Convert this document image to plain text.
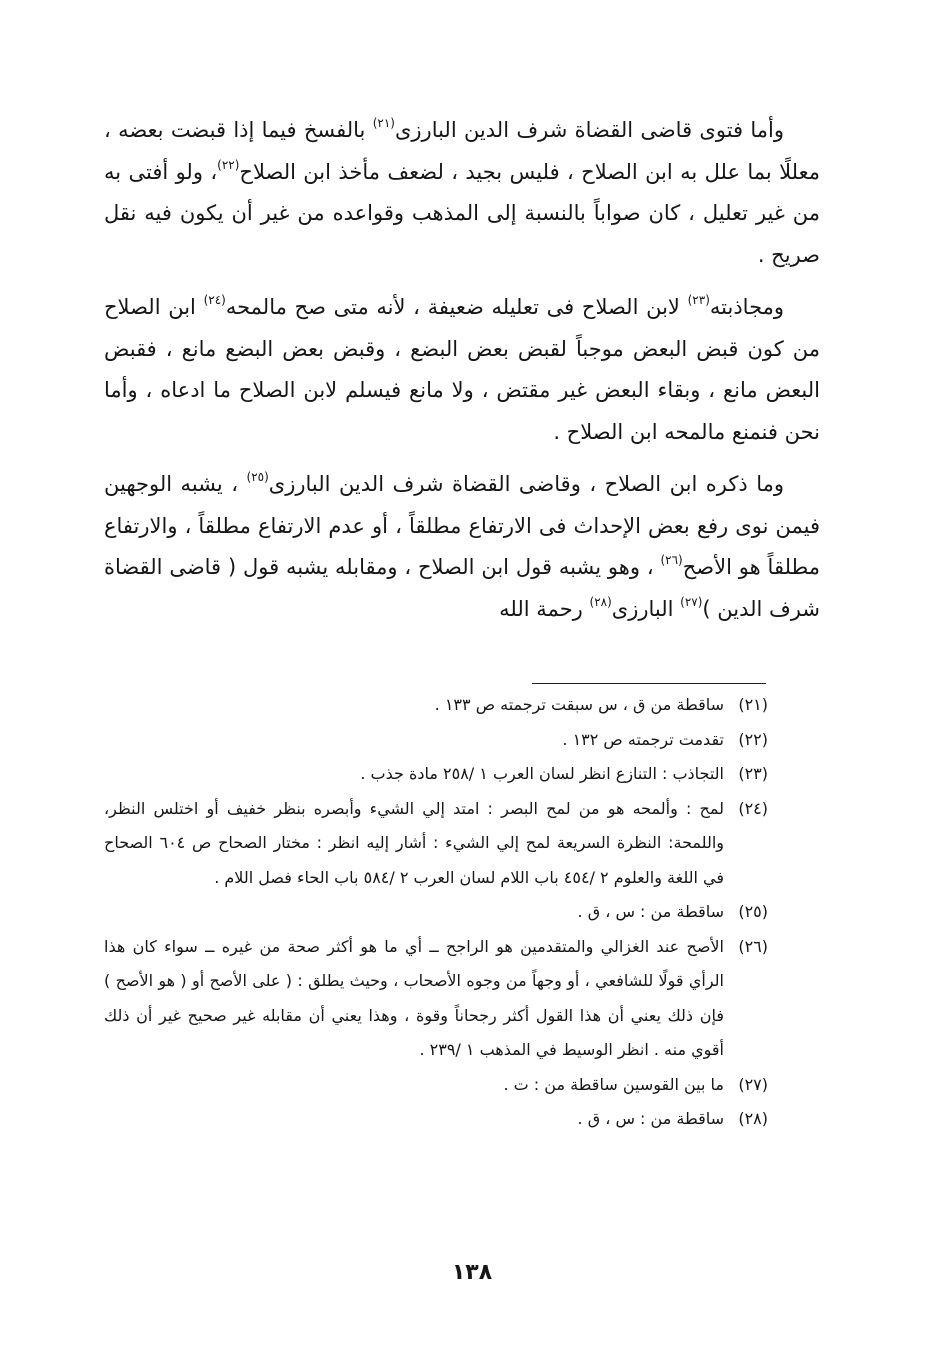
وأما فتوى قاضى القضاة شرف الدين البارزى$^{(٢١)}$ بالفسخ فيما إذا قبضت بعضه ، معللًا بما علل به ابن الصلاح ، فليس بجيد ، لضعف مأخذ ابن الصلاح$^{(٢٢)}$، ولو أفتى به من غير تعليل ، كان صواباً بالنسبة إلى المذهب وقواعده من غير أن يكون فيه نقل صريح .

ومجاذبته$^{(٢٣)}$ لابن الصلاح فى تعليله ضعيفة ، لأنه متى صح مالمحه$^{(٢٤)}$ ابن الصلاح من كون قبض البعض موجباً لقبض بعض البضع ، وقبض بعض البضع مانع ، فقبض البعض مانع ، وبقاء البعض غير مقتض ، ولا مانع فيسلم لابن الصلاح ما ادعاه ، وأما نحن فنمنع مالمحه ابن الصلاح .

وما ذكره ابن الصلاح ، وقاضى القضاة شرف الدين البارزى$^{(٢٥)}$ ، يشبه الوجهين فيمن نوى رفع بعض الإحداث فى الارتفاع مطلقاً ، أو عدم الارتفاع مطلقاً ، والارتفاع مطلقاً هو الأصح$^{(٢٦)}$ ، وهو يشبه قول ابن الصلاح ، ومقابله يشبه قول ( قاضى القضاة شرف الدين )$^{(٢٧)}$ البارزى$^{(٢٨)}$ رحمة الله

(٢١)
ساقطة من ق ، س سبقت ترجمته ص ١٣٣ .
(٢٢)
تقدمت ترجمته ص ١٣٢ .
(٢٣)
التجاذب : التنازع انظر لسان العرب ١ /٢٥٨ مادة جذب .
(٢٤)
لمح : وألمحه هو من لمح البصر : امتد إلي الشيء وأبصره بنظر خفيف أو اختلس النظر، واللمحة: النظرة السريعة لمح إلي الشيء : أشار إليه انظر : مختار الصحاح ص ٦٠٤ الصحاح في اللغة والعلوم ٢ /٤٥٤ باب اللام لسان العرب ٢ /٥٨٤ باب الحاء فصل اللام .
(٢٥)
ساقطة من : س ، ق .
(٢٦)
الأصح عند الغزالي والمتقدمين هو الراجح ــ أي ما هو أكثر صحة من غيره ــ سواء كان هذا الرأي قولًا للشافعي ، أو وجهاً من وجوه الأصحاب ، وحيث يطلق : ( على الأصح أو ( هو الأصح ) فإن ذلك يعني أن هذا القول أكثر رجحاناً وقوة ، وهذا يعني أن مقابله غير صحيح غير أن ذلك أقوي منه . انظر الوسيط في المذهب ١ /٢٣٩ .
(٢٧)
ما بين القوسين ساقطة من : ت .
(٢٨)
ساقطة من : س ، ق .
١٣٨
